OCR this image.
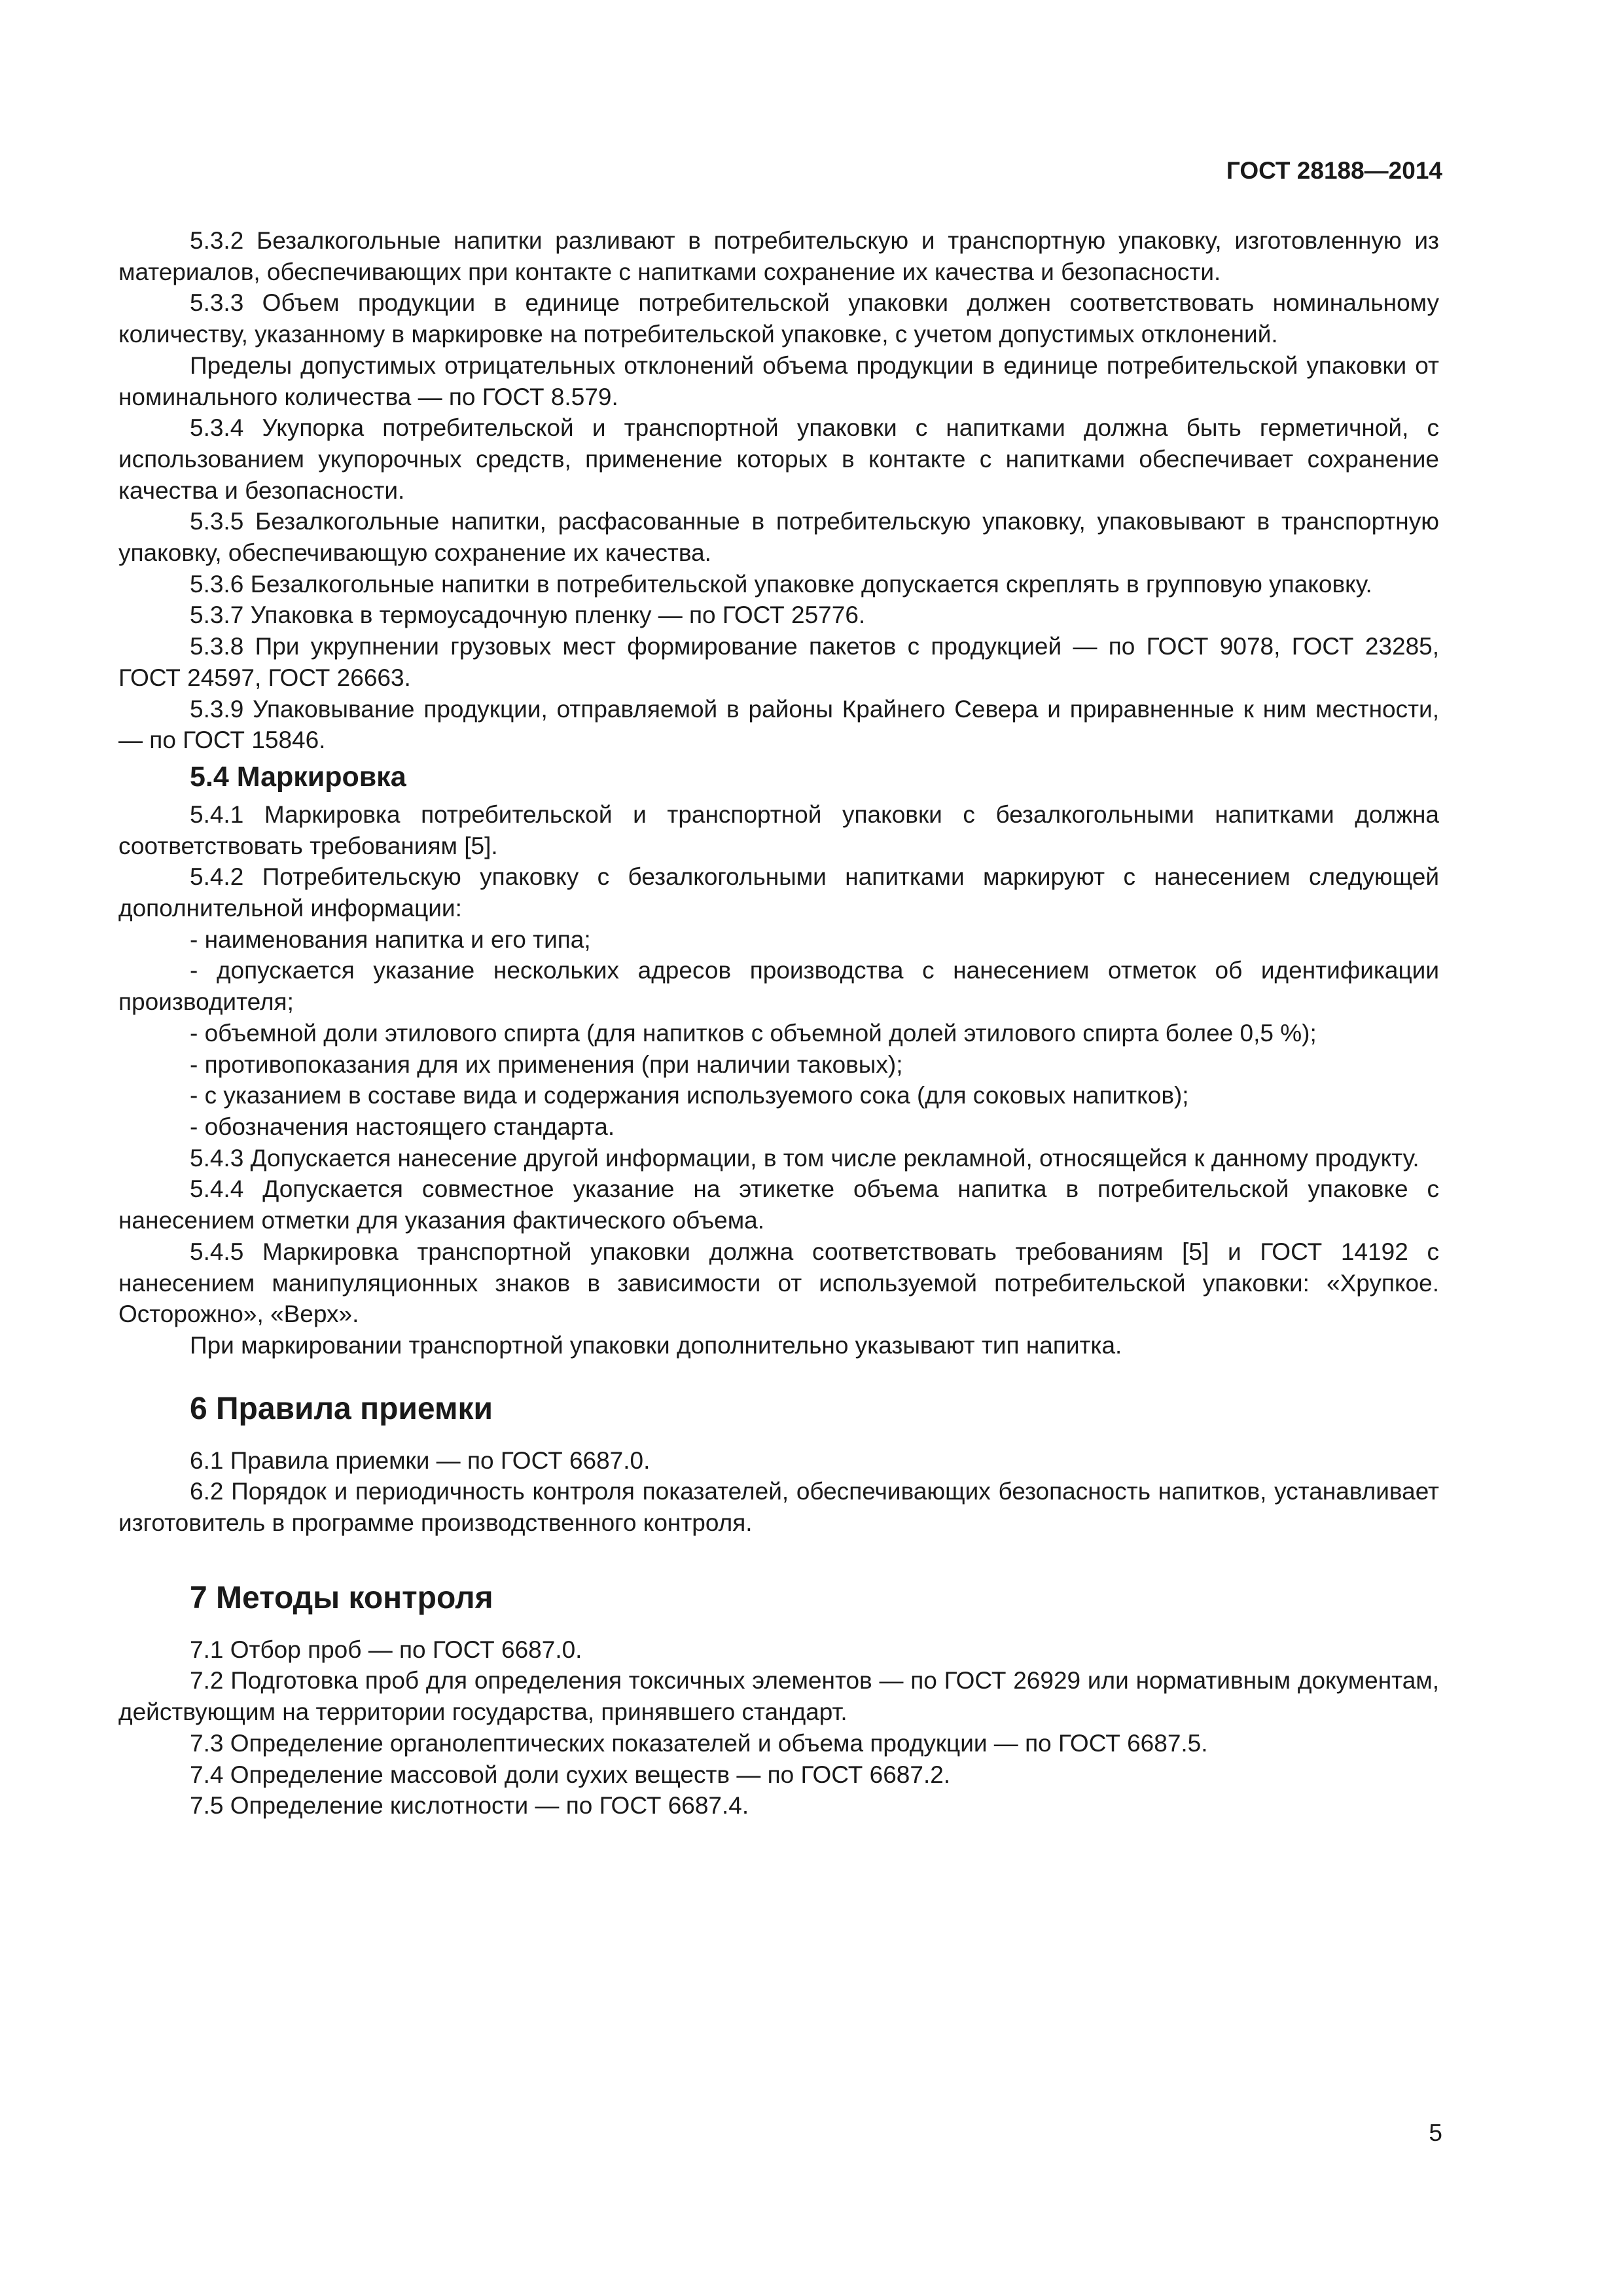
ГОСТ 28188—2014

5.3.2 Безалкогольные напитки разливают в потребительскую и транспортную упаковку, изготовленную из материалов, обеспечивающих при контакте с напитками сохранение их качества и безопасности.

5.3.3 Объем продукции в единице потребительской упаковки должен соответствовать номинальному количеству, указанному в маркировке на потребительской упаковке, с учетом допустимых отклонений.

Пределы допустимых отрицательных отклонений объема продукции в единице потребительской упаковки от номинального количества — по ГОСТ 8.579.

5.3.4 Укупорка потребительской и транспортной упаковки с напитками должна быть герметичной, с использованием укупорочных средств, применение которых в контакте с напитками обеспечивает сохранение качества и безопасности.

5.3.5 Безалкогольные напитки, расфасованные в потребительскую упаковку, упаковывают в транспортную упаковку, обеспечивающую сохранение их качества.

5.3.6 Безалкогольные напитки в потребительской упаковке допускается скреплять в групповую упаковку.

5.3.7 Упаковка в термоусадочную пленку — по ГОСТ 25776.

5.3.8 При укрупнении грузовых мест формирование пакетов с продукцией — по ГОСТ 9078, ГОСТ 23285, ГОСТ 24597, ГОСТ 26663.

5.3.9 Упаковывание продукции, отправляемой в районы Крайнего Севера и приравненные к ним местности, — по ГОСТ 15846.

5.4 Маркировка

5.4.1 Маркировка потребительской и транспортной упаковки с безалкогольными напитками должна соответствовать требованиям [5].

5.4.2 Потребительскую упаковку с безалкогольными напитками маркируют с нанесением следующей дополнительной информации:

- наименования напитка и его типа;

- допускается указание нескольких адресов производства с нанесением отметок об идентификации производителя;

- объемной доли этилового спирта (для напитков с объемной долей этилового спирта более 0,5 %);

- противопоказания для их применения (при наличии таковых);

- с указанием в составе вида и содержания используемого сока (для соковых напитков);

- обозначения настоящего стандарта.

5.4.3 Допускается нанесение другой информации, в том числе рекламной, относящейся к данному продукту.

5.4.4 Допускается совместное указание на этикетке объема напитка в потребительской упаковке с нанесением отметки для указания фактического объема.

5.4.5 Маркировка транспортной упаковки должна соответствовать требованиям [5] и ГОСТ 14192 с нанесением манипуляционных знаков в зависимости от используемой потребительской упаковки: «Хрупкое. Осторожно», «Верх».

При маркировании транспортной упаковки дополнительно указывают тип напитка.

6 Правила приемки

6.1 Правила приемки — по ГОСТ 6687.0.

6.2 Порядок и периодичность контроля показателей, обеспечивающих безопасность напитков, устанавливает изготовитель в программе производственного контроля.

7 Методы контроля

7.1 Отбор проб — по ГОСТ 6687.0.

7.2 Подготовка проб для определения токсичных элементов — по ГОСТ 26929 или нормативным документам, действующим на территории государства, принявшего стандарт.

7.3 Определение органолептических показателей и объема продукции — по ГОСТ 6687.5.

7.4 Определение массовой доли сухих веществ — по ГОСТ 6687.2.

7.5 Определение кислотности — по ГОСТ 6687.4.

5
